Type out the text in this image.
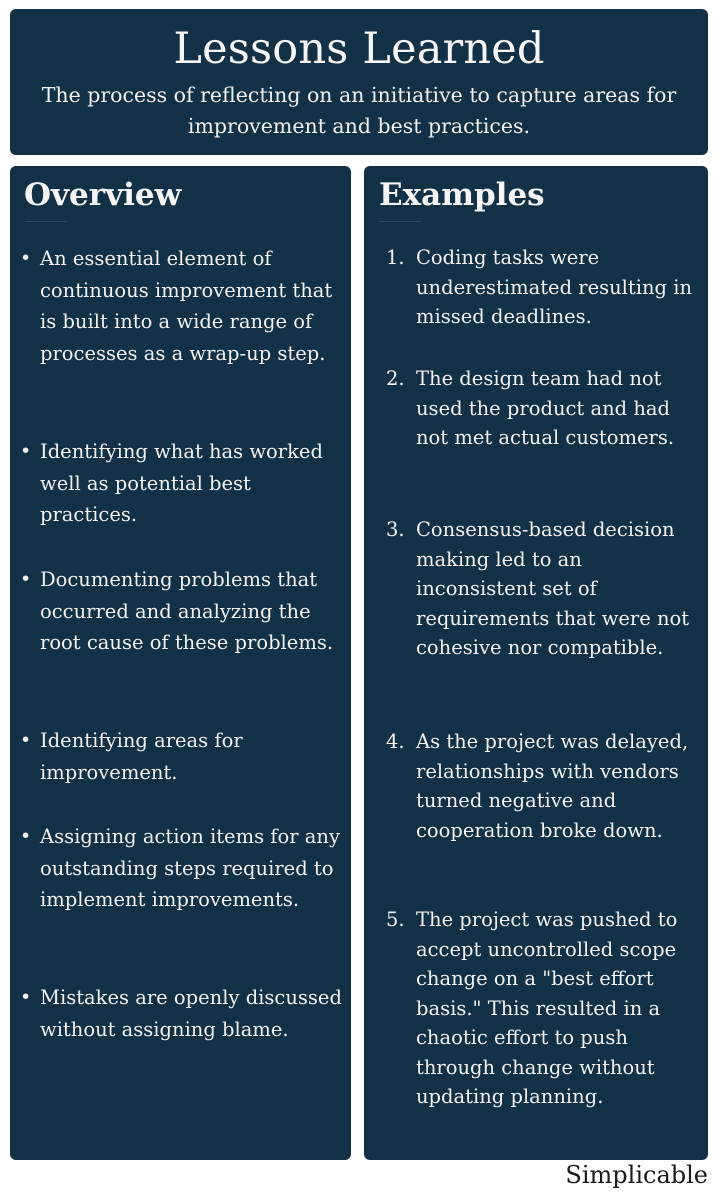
Lessons Learned
The process of reflecting on an initiative to capture areas for improvement and best practices.
Overview
• An essential element of continuous improvement that is built into a wide range of processes as a wrap-up step.
• Identifying what has worked well as potential best practices.
• Documenting problems that occurred and analyzing the root cause of these problems.
• Identifying areas for improvement.
• Assigning action items for any outstanding steps required to implement improvements.
• Mistakes are openly discussed without assigning blame.
Examples
1. Coding tasks were underestimated resulting in missed deadlines.
2. The design team had not used the product and had not met actual customers.
3. Consensus-based decision making led to an inconsistent set of requirements that were not cohesive nor compatible.
4. As the project was delayed, relationships with vendors turned negative and cooperation broke down.
5. The project was pushed to accept uncontrolled scope change on a "best effort basis." This resulted in a chaotic effort to push through change without updating planning.
Simplicable
